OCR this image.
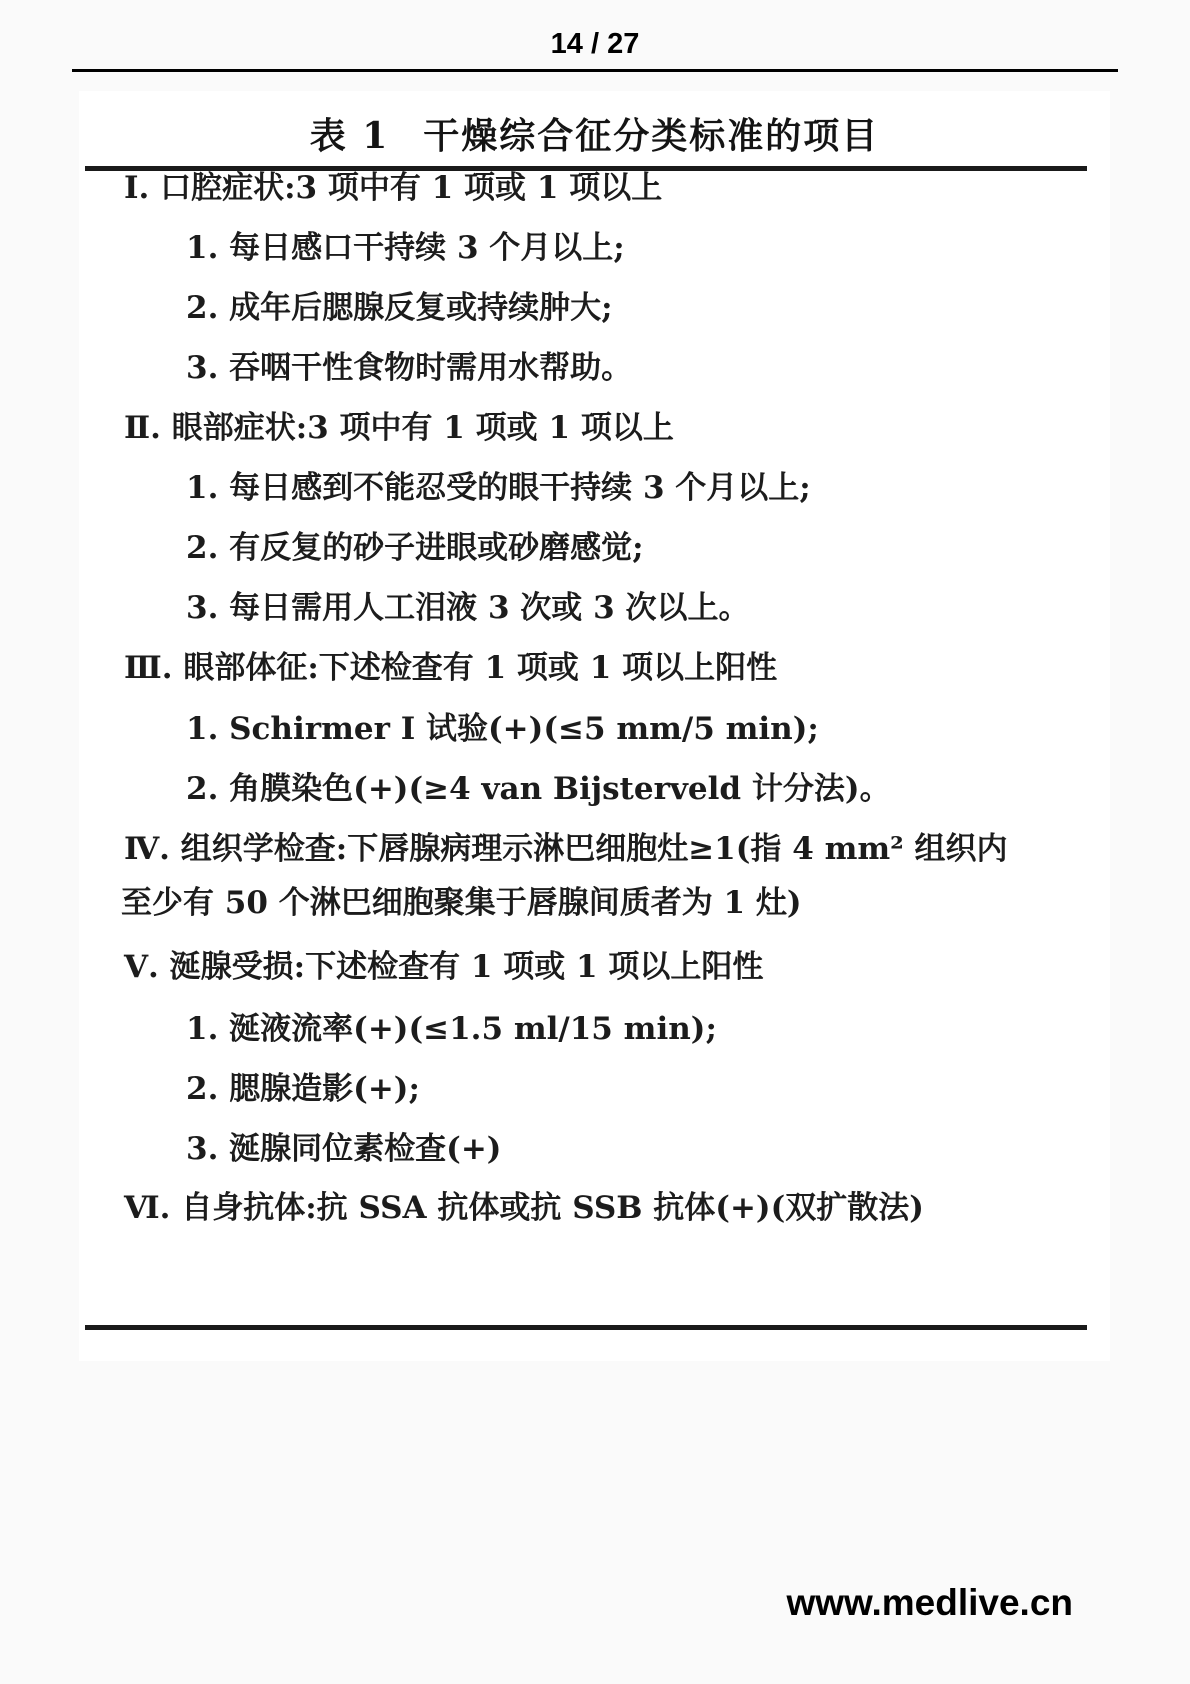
14 / 27
表 1 干燥综合征分类标准的项目
Ⅰ. 口腔症状:3 项中有 1 项或 1 项以上
1. 每日感口干持续 3 个月以上;
2. 成年后腮腺反复或持续肿大;
3. 吞咽干性食物时需用水帮助。
Ⅱ. 眼部症状:3 项中有 1 项或 1 项以上
1. 每日感到不能忍受的眼干持续 3 个月以上;
2. 有反复的砂子进眼或砂磨感觉;
3. 每日需用人工泪液 3 次或 3 次以上。
Ⅲ. 眼部体征:下述检查有 1 项或 1 项以上阳性
1. Schirmer Ⅰ 试验(+)(≤5 mm/5 min);
2. 角膜染色(+)(≥4 van Bijsterveld 计分法)。
Ⅳ. 组织学检查:下唇腺病理示淋巴细胞灶≥1(指 4 mm² 组织内
至少有 50 个淋巴细胞聚集于唇腺间质者为 1 灶)
Ⅴ. 涎腺受损:下述检查有 1 项或 1 项以上阳性
1. 涎液流率(+)(≤1.5 ml/15 min);
2. 腮腺造影(+);
3. 涎腺同位素检查(+)
Ⅵ. 自身抗体:抗 SSA 抗体或抗 SSB 抗体(+)(双扩散法)
www.medlive.cn
